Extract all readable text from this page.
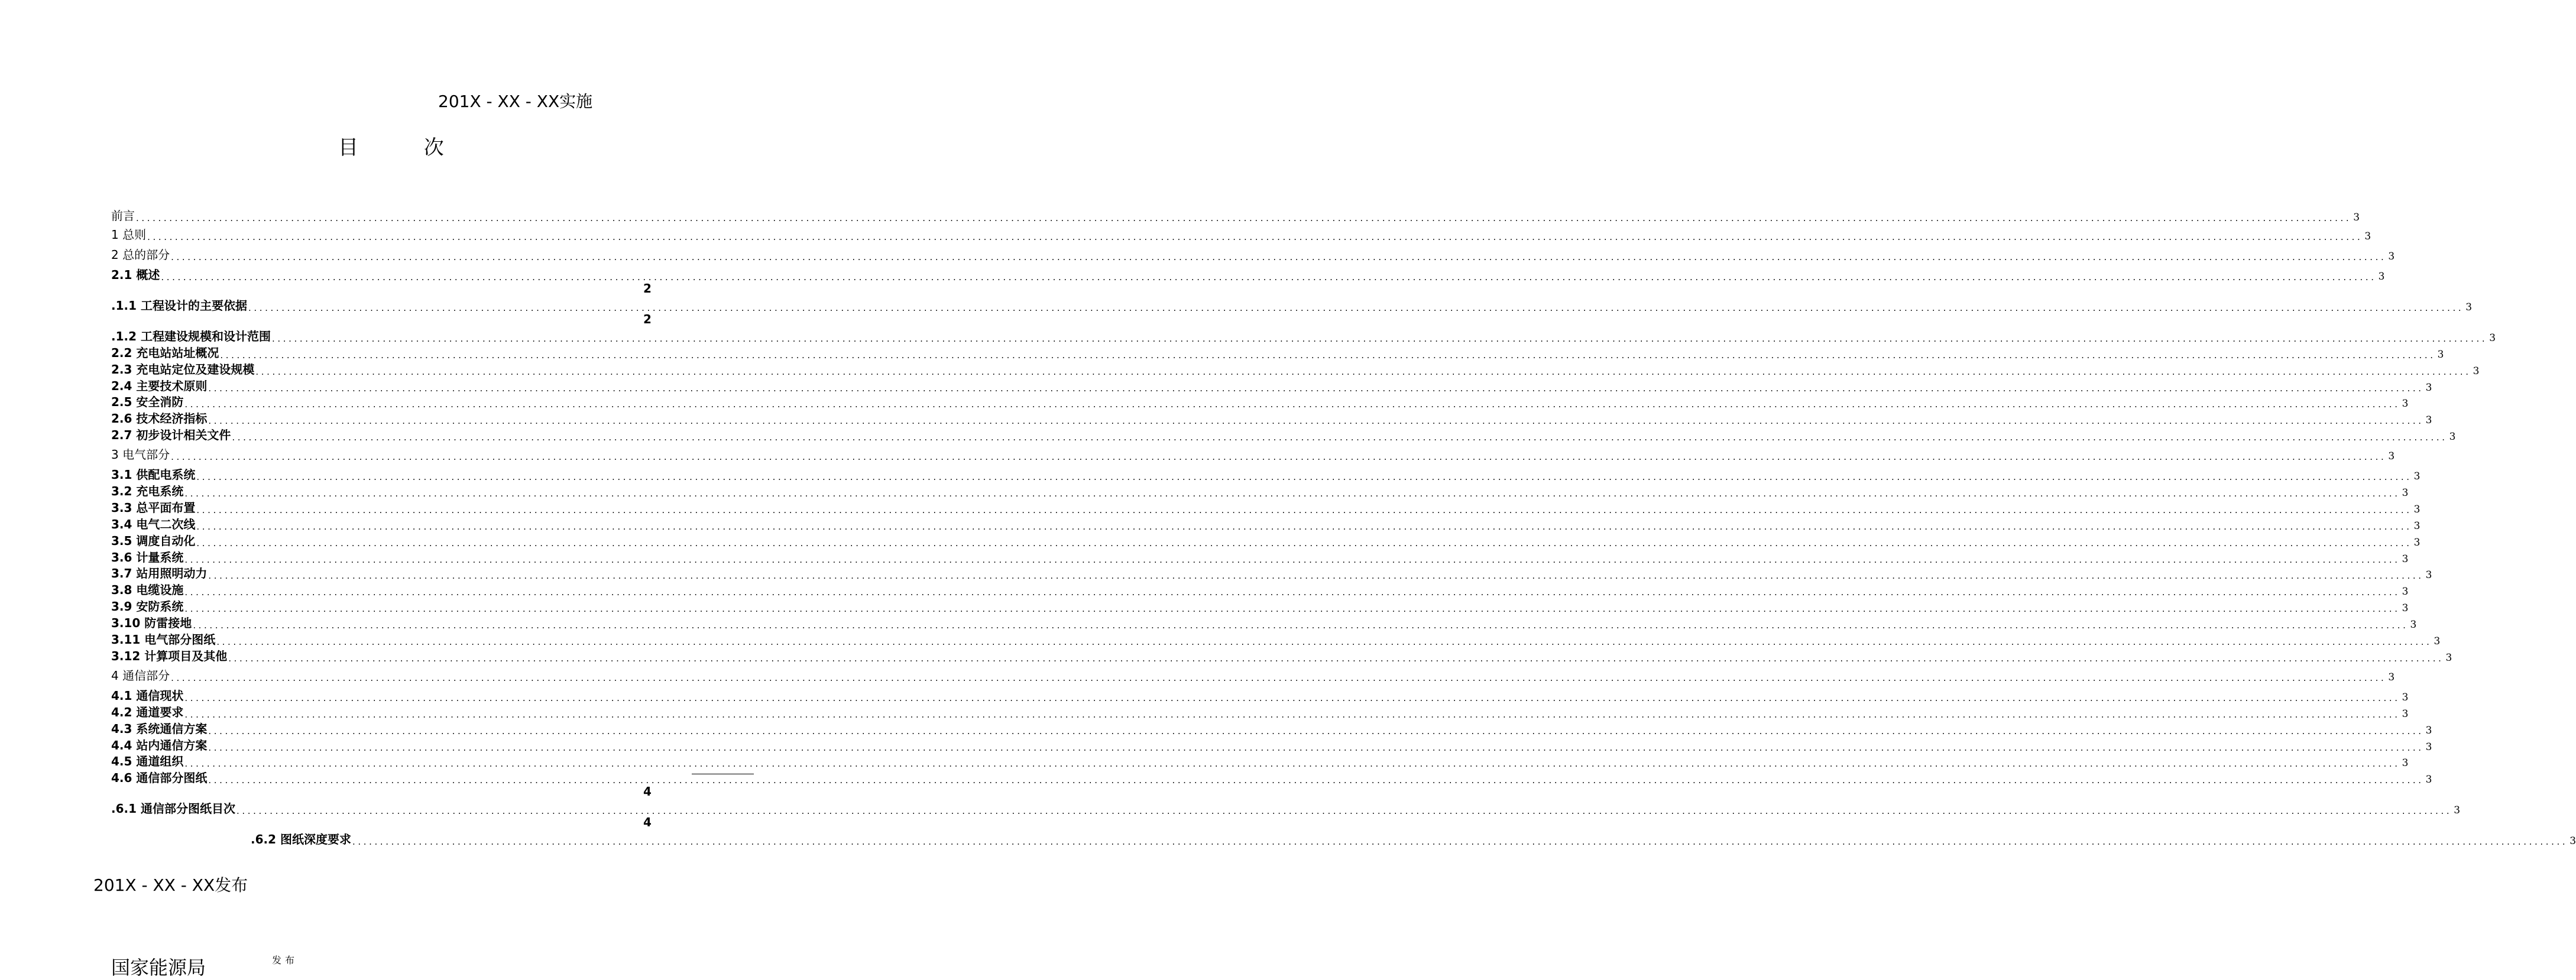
201X - XX - XX实施
目 次
前言 ................................................................................................................................................................................................................................................................................................................................................................................................................ 3
1 总则 ................................................................................................................................................................................................................................................................................................................................................................................................................ 3
2 总的部分 ................................................................................................................................................................................................................................................................................................................................................................................................................ 3
2.1 概述 ................................................................................................................................................................................................................................................................................................................................................................................................................ 3
.1.1 工程设计的主要依据 ................................................................................................................................................................................................................................................................................................................................................................................................................ 3
2
.1.2 工程建设规模和设计范围 ................................................................................................................................................................................................................................................................................................................................................................................................................ 3
2
2.2 充电站站址概况 ................................................................................................................................................................................................................................................................................................................................................................................................................ 3
2.3 充电站定位及建设规模 ................................................................................................................................................................................................................................................................................................................................................................................................................ 3
2.4 主要技术原则 ................................................................................................................................................................................................................................................................................................................................................................................................................ 3
2.5 安全消防 ................................................................................................................................................................................................................................................................................................................................................................................................................ 3
2.6 技术经济指标 ................................................................................................................................................................................................................................................................................................................................................................................................................ 3
2.7 初步设计相关文件 ................................................................................................................................................................................................................................................................................................................................................................................................................ 3
3 电气部分 ................................................................................................................................................................................................................................................................................................................................................................................................................ 3
3.1 供配电系统 ................................................................................................................................................................................................................................................................................................................................................................................................................ 3
3.2 充电系统 ................................................................................................................................................................................................................................................................................................................................................................................................................ 3
3.3 总平面布置 ................................................................................................................................................................................................................................................................................................................................................................................................................ 3
3.4 电气二次线 ................................................................................................................................................................................................................................................................................................................................................................................................................ 3
3.5 调度自动化 ................................................................................................................................................................................................................................................................................................................................................................................................................ 3
3.6 计量系统 ................................................................................................................................................................................................................................................................................................................................................................................................................ 3
3.7 站用照明动力 ................................................................................................................................................................................................................................................................................................................................................................................................................ 3
3.8 电缆设施 ................................................................................................................................................................................................................................................................................................................................................................................................................ 3
3.9 安防系统 ................................................................................................................................................................................................................................................................................................................................................................................................................ 3
3.10 防雷接地 ................................................................................................................................................................................................................................................................................................................................................................................................................ 3
3.11 电气部分图纸 ................................................................................................................................................................................................................................................................................................................................................................................................................ 3
3.12 计算项目及其他 ................................................................................................................................................................................................................................................................................................................................................................................................................ 3
4 通信部分 ................................................................................................................................................................................................................................................................................................................................................................................................................ 3
4.1 通信现状 ................................................................................................................................................................................................................................................................................................................................................................................................................ 3
4.2 通道要求 ................................................................................................................................................................................................................................................................................................................................................................................................................ 3
4.3 系统通信方案 ................................................................................................................................................................................................................................................................................................................................................................................................................ 3
4.4 站内通信方案 ................................................................................................................................................................................................................................................................................................................................................................................................................ 3
4.5 通道组织 ................................................................................................................................................................................................................................................................................................................................................................................................................ 3
4.6 通信部分图纸 ................................................................................................................................................................................................................................................................................................................................................................................................................ 3
.6.1 通信部分图纸目次 ................................................................................................................................................................................................................................................................................................................................................................................................................ 3
4
.6.2 图纸深度要求 ................................................................................................................................................................................................................................................................................................................................................................................................................ 3
4
201X - XX - XX发布
国家能源局	发布
